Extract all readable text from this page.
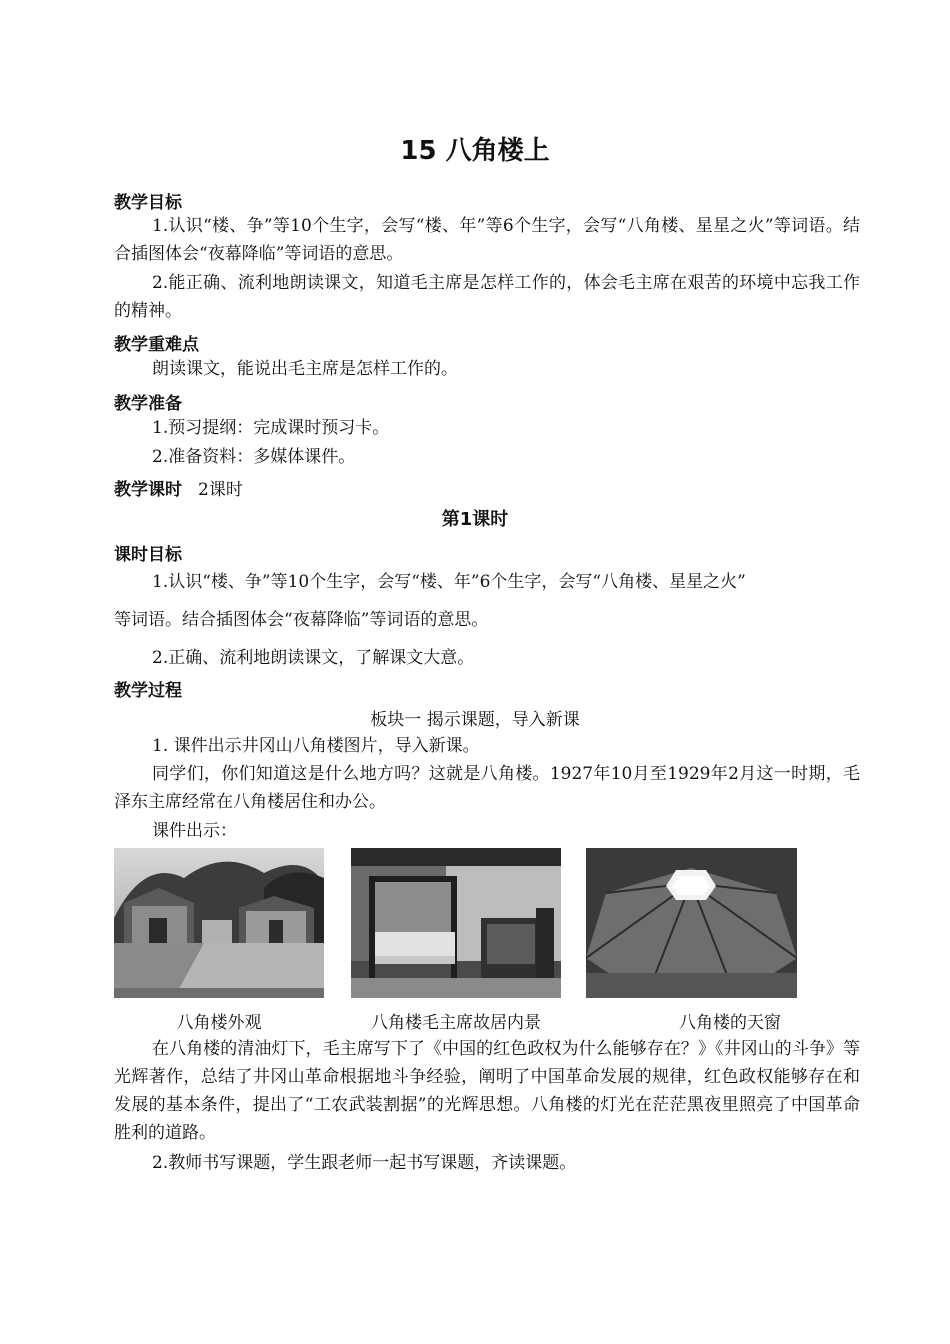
15 八角楼上
教学目标
1.认识“楼、争”等10个生字，会写“楼、年”等6个生字，会写“八角楼、星星之火”等词语。结合插图体会“夜幕降临”等词语的意思。
2.能正确、流利地朗读课文，知道毛主席是怎样工作的，体会毛主席在艰苦的环境中忘我工作的精神。
教学重难点
朗读课文，能说出毛主席是怎样工作的。
教学准备
1.预习提纲：完成课时预习卡。
2.准备资料：多媒体课件。
教学课时 2课时
第1课时
课时目标
1.认识“楼、争”等10个生字，会写“楼、年”6个生字，会写“八角楼、星星之火”
等词语。结合插图体会“夜幕降临”等词语的意思。
2.正确、流利地朗读课文，了解课文大意。
教学过程
板块一 揭示课题，导入新课
1. 课件出示井冈山八角楼图片，导入新课。
同学们，你们知道这是什么地方吗？这就是八角楼。1927年10月至1929年2月这一时期，毛泽东主席经常在八角楼居住和办公。
课件出示：
八角楼外观	八角楼毛主席故居内景	八角楼的天窗
在八角楼的清油灯下，毛主席写下了《中国的红色政权为什么能够存在？》《井冈山的斗争》等光辉著作，总结了井冈山革命根据地斗争经验，阐明了中国革命发展的规律，红色政权能够存在和发展的基本条件，提出了“工农武装割据”的光辉思想。八角楼的灯光在茫茫黑夜里照亮了中国革命胜利的道路。
2.教师书写课题，学生跟老师一起书写课题，齐读课题。
